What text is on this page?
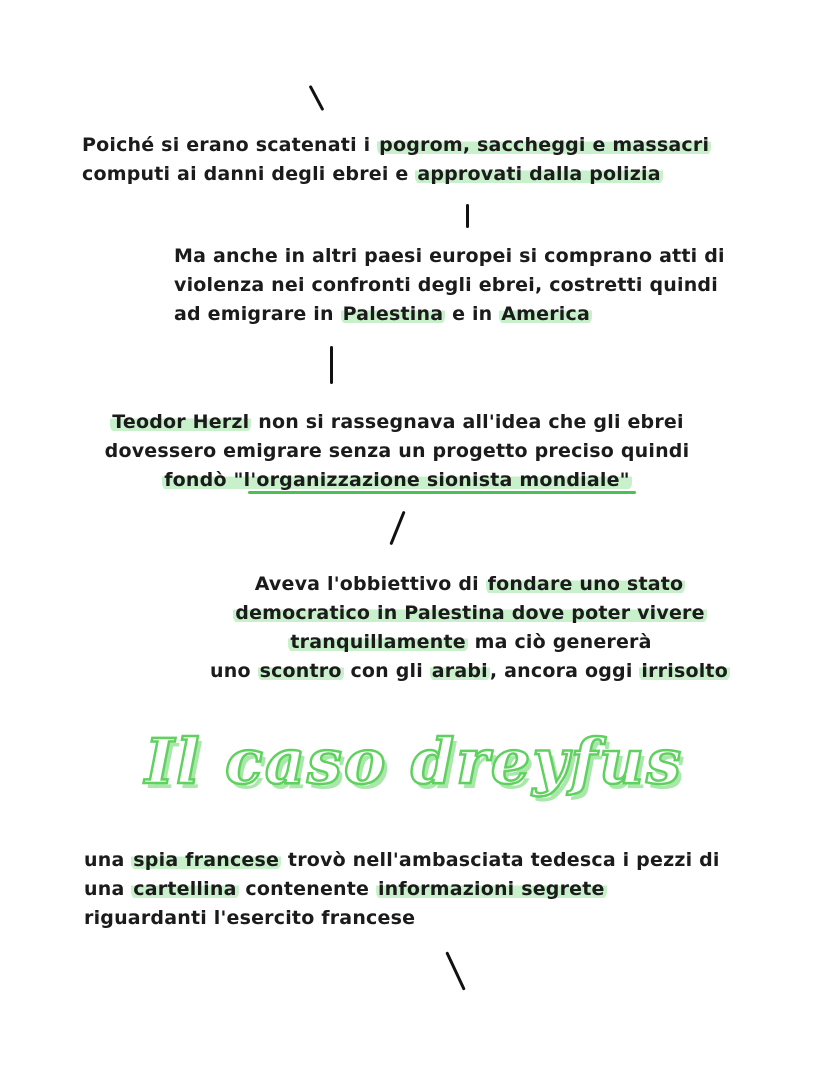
Poiché si erano scatenati i pogrom, saccheggi e massacri
computi ai danni degli ebrei e approvati dalla polizia
Ma anche in altri paesi europei si comprano atti di
violenza nei confronti degli ebrei, costretti quindi
ad emigrare in Palestina e in America
Teodor Herzl non si rassegnava all'idea che gli ebrei
dovessero emigrare senza un progetto preciso quindi
fondò "l'organizzazione sionista mondiale"
Aveva l'obbiettivo di fondare uno stato
democratico in Palestina dove poter vivere
tranquillamente ma ciò genererà
uno scontro con gli arabi , ancora oggi irrisolto
Il caso dreyfus
una spia francese trovò nell'ambasciata tedesca i pezzi di
una cartellina contenente informazioni segrete
riguardanti l'esercito francese
